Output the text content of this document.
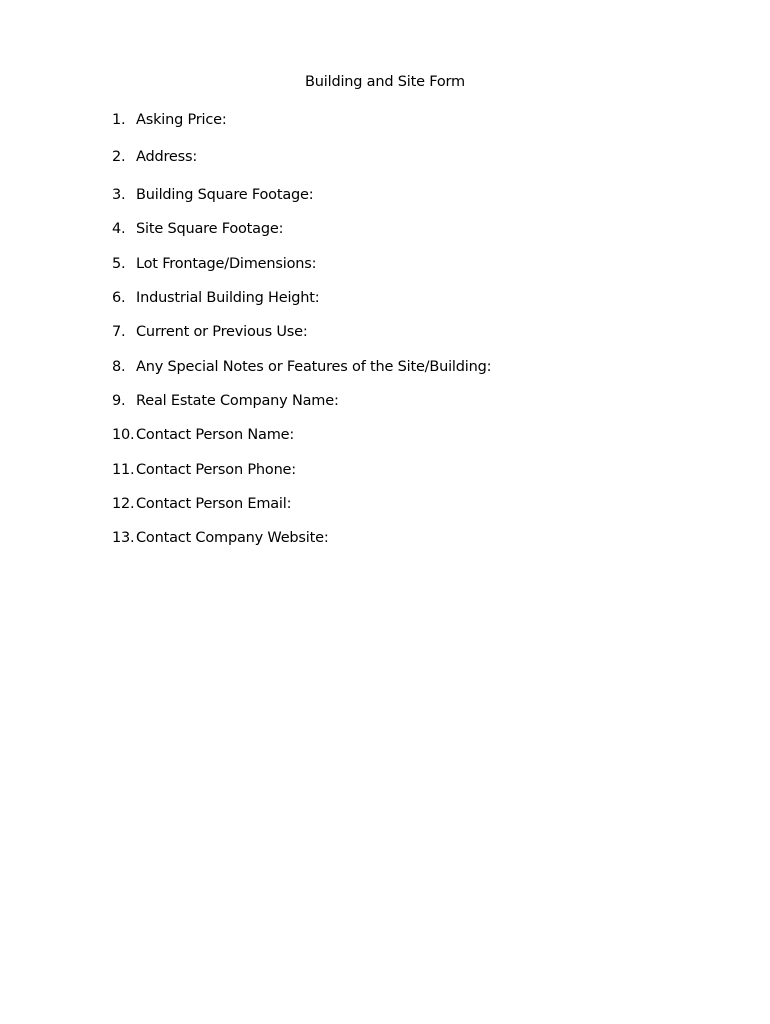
Building and Site Form
1. Asking Price:
2. Address:
3. Building Square Footage:
4. Site Square Footage:
5. Lot Frontage/Dimensions:
6. Industrial Building Height:
7. Current or Previous Use:
8. Any Special Notes or Features of the Site/Building:
9. Real Estate Company Name:
10. Contact Person Name:
11. Contact Person Phone:
12. Contact Person Email:
13. Contact Company Website:
